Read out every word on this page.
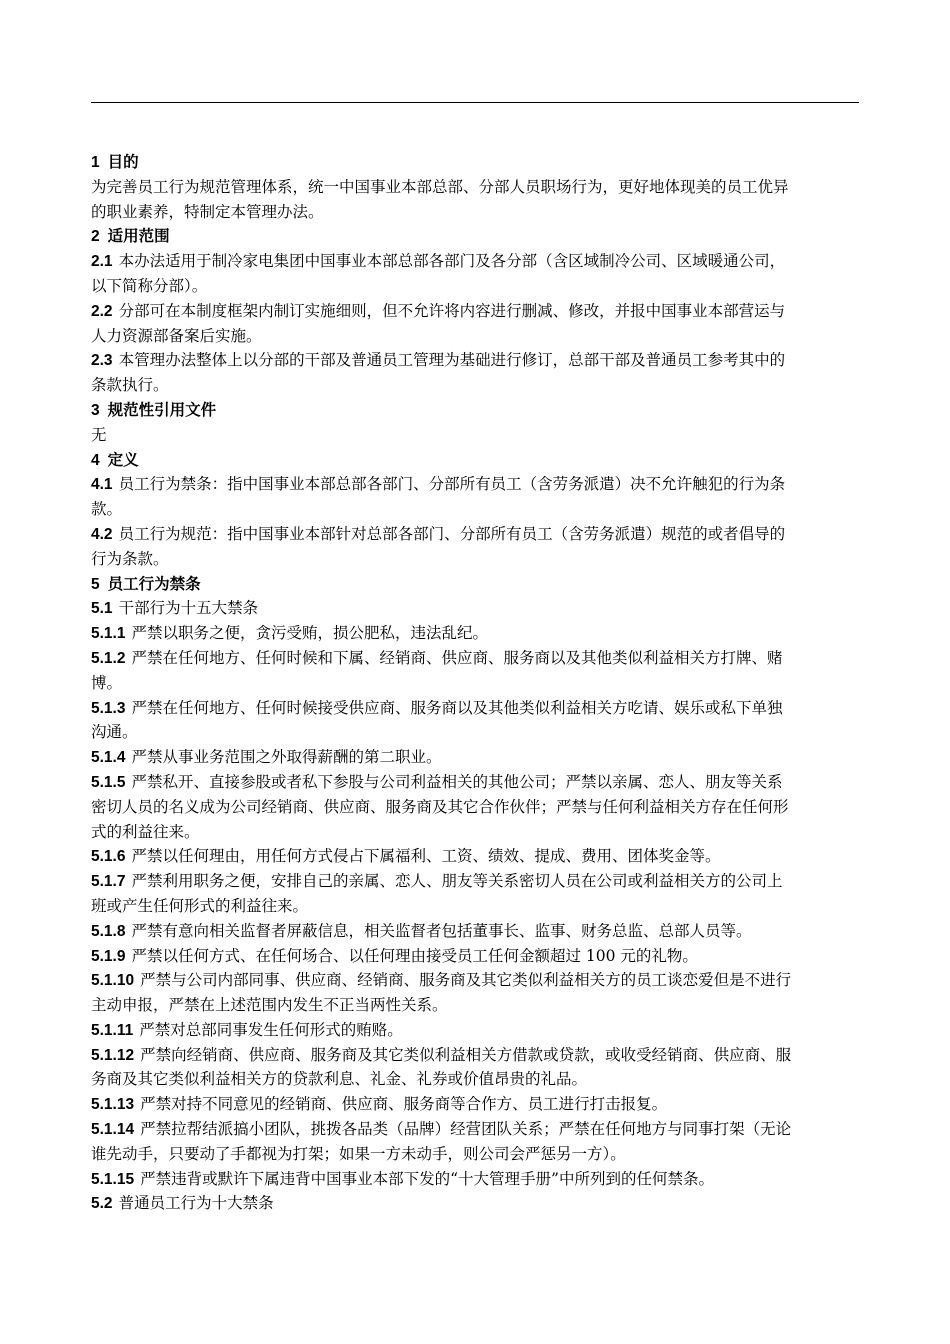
1 目的
为完善员工行为规范管理体系，统一中国事业本部总部、分部人员职场行为，更好地体现美的员工优异
的职业素养，特制定本管理办法。
2 适用范围
2.1 本办法适用于制冷家电集团中国事业本部总部各部门及各分部（含区域制冷公司、区域暖通公司，
以下简称分部）。
2.2 分部可在本制度框架内制订实施细则，但不允许将内容进行删减、修改，并报中国事业本部营运与
人力资源部备案后实施。
2.3 本管理办法整体上以分部的干部及普通员工管理为基础进行修订，总部干部及普通员工参考其中的
条款执行。
3 规范性引用文件
无
4 定义
4.1 员工行为禁条：指中国事业本部总部各部门、分部所有员工（含劳务派遣）决不允许触犯的行为条
款。
4.2 员工行为规范：指中国事业本部针对总部各部门、分部所有员工（含劳务派遣）规范的或者倡导的
行为条款。
5 员工行为禁条
5.1 干部行为十五大禁条
5.1.1 严禁以职务之便，贪污受贿，损公肥私，违法乱纪。
5.1.2 严禁在任何地方、任何时候和下属、经销商、供应商、服务商以及其他类似利益相关方打牌、赌
博。
5.1.3 严禁在任何地方、任何时候接受供应商、服务商以及其他类似利益相关方吃请、娱乐或私下单独
沟通。
5.1.4 严禁从事业务范围之外取得薪酬的第二职业。
5.1.5 严禁私开、直接参股或者私下参股与公司利益相关的其他公司；严禁以亲属、恋人、朋友等关系
密切人员的名义成为公司经销商、供应商、服务商及其它合作伙伴；严禁与任何利益相关方存在任何形
式的利益往来。
5.1.6 严禁以任何理由，用任何方式侵占下属福利、工资、绩效、提成、费用、团体奖金等。
5.1.7 严禁利用职务之便，安排自己的亲属、恋人、朋友等关系密切人员在公司或利益相关方的公司上
班或产生任何形式的利益往来。
5.1.8 严禁有意向相关监督者屏蔽信息，相关监督者包括董事长、监事、财务总监、总部人员等。
5.1.9 严禁以任何方式、在任何场合、以任何理由接受员工任何金额超过 100 元的礼物。
5.1.10 严禁与公司内部同事、供应商、经销商、服务商及其它类似利益相关方的员工谈恋爱但是不进行
主动申报，严禁在上述范围内发生不正当两性关系。
5.1.11 严禁对总部同事发生任何形式的贿赂。
5.1.12 严禁向经销商、供应商、服务商及其它类似利益相关方借款或贷款，或收受经销商、供应商、服
务商及其它类似利益相关方的贷款利息、礼金、礼券或价值昂贵的礼品。
5.1.13 严禁对持不同意见的经销商、供应商、服务商等合作方、员工进行打击报复。
5.1.14 严禁拉帮结派搞小团队，挑拨各品类（品牌）经营团队关系；严禁在任何地方与同事打架（无论
谁先动手，只要动了手都视为打架；如果一方未动手，则公司会严惩另一方）。
5.1.15 严禁违背或默许下属违背中国事业本部下发的“十大管理手册”中所列到的任何禁条。
5.2 普通员工行为十大禁条
